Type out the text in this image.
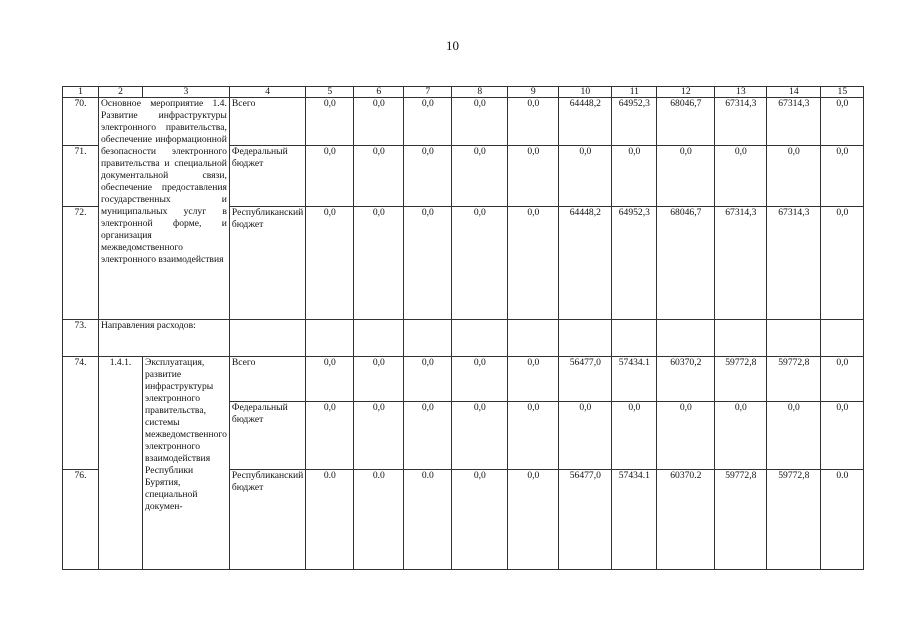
10
1	2	3	4	5	6	7	8	9	10	11	12	13	14	15
70.	Основное мероприятие 1.4. Развитие инфраструктуры электронного правительства, обеспечение информационной безопасности электронного правительства и специальной документальной связи, обеспечение предоставления государственных и муниципальных услуг в электронной форме, и организация межведомственного электронного взаимодействия		Всего	0,0	0,0	0,0	0,0	0,0	64448,2	64952,3	68046,7	67314,3	67314,3	0,0
71.			Федеральный бюджет	0,0	0,0	0,0	0,0	0,0	0,0	0,0	0,0	0,0	0,0	0,0
72.			Республиканский бюджет	0,0	0,0	0,0	0,0	0,0	64448,2	64952,3	68046,7	67314,3	67314,3	0,0
73.	Направления расходов:													
74.	1.4.1.	Эксплуатация, развитие инфраструктуры электронного правительства, системы межведомственного электронного взаимодействия Республики Бурятия, специальной докумен-	Всего	0,0	0,0	0,0	0,0	0,0	56477,0	57434.1	60370,2	59772,8	59772,8	0,0
			Федеральный бюджет	0,0	0,0	0,0	0,0	0,0	0,0	0,0	0,0	0,0	0,0	0,0
76.			Республиканский бюджет	0.0	0.0	0.0	0,0	0,0	56477,0	57434.1	60370.2	59772,8	59772,8	0.0
